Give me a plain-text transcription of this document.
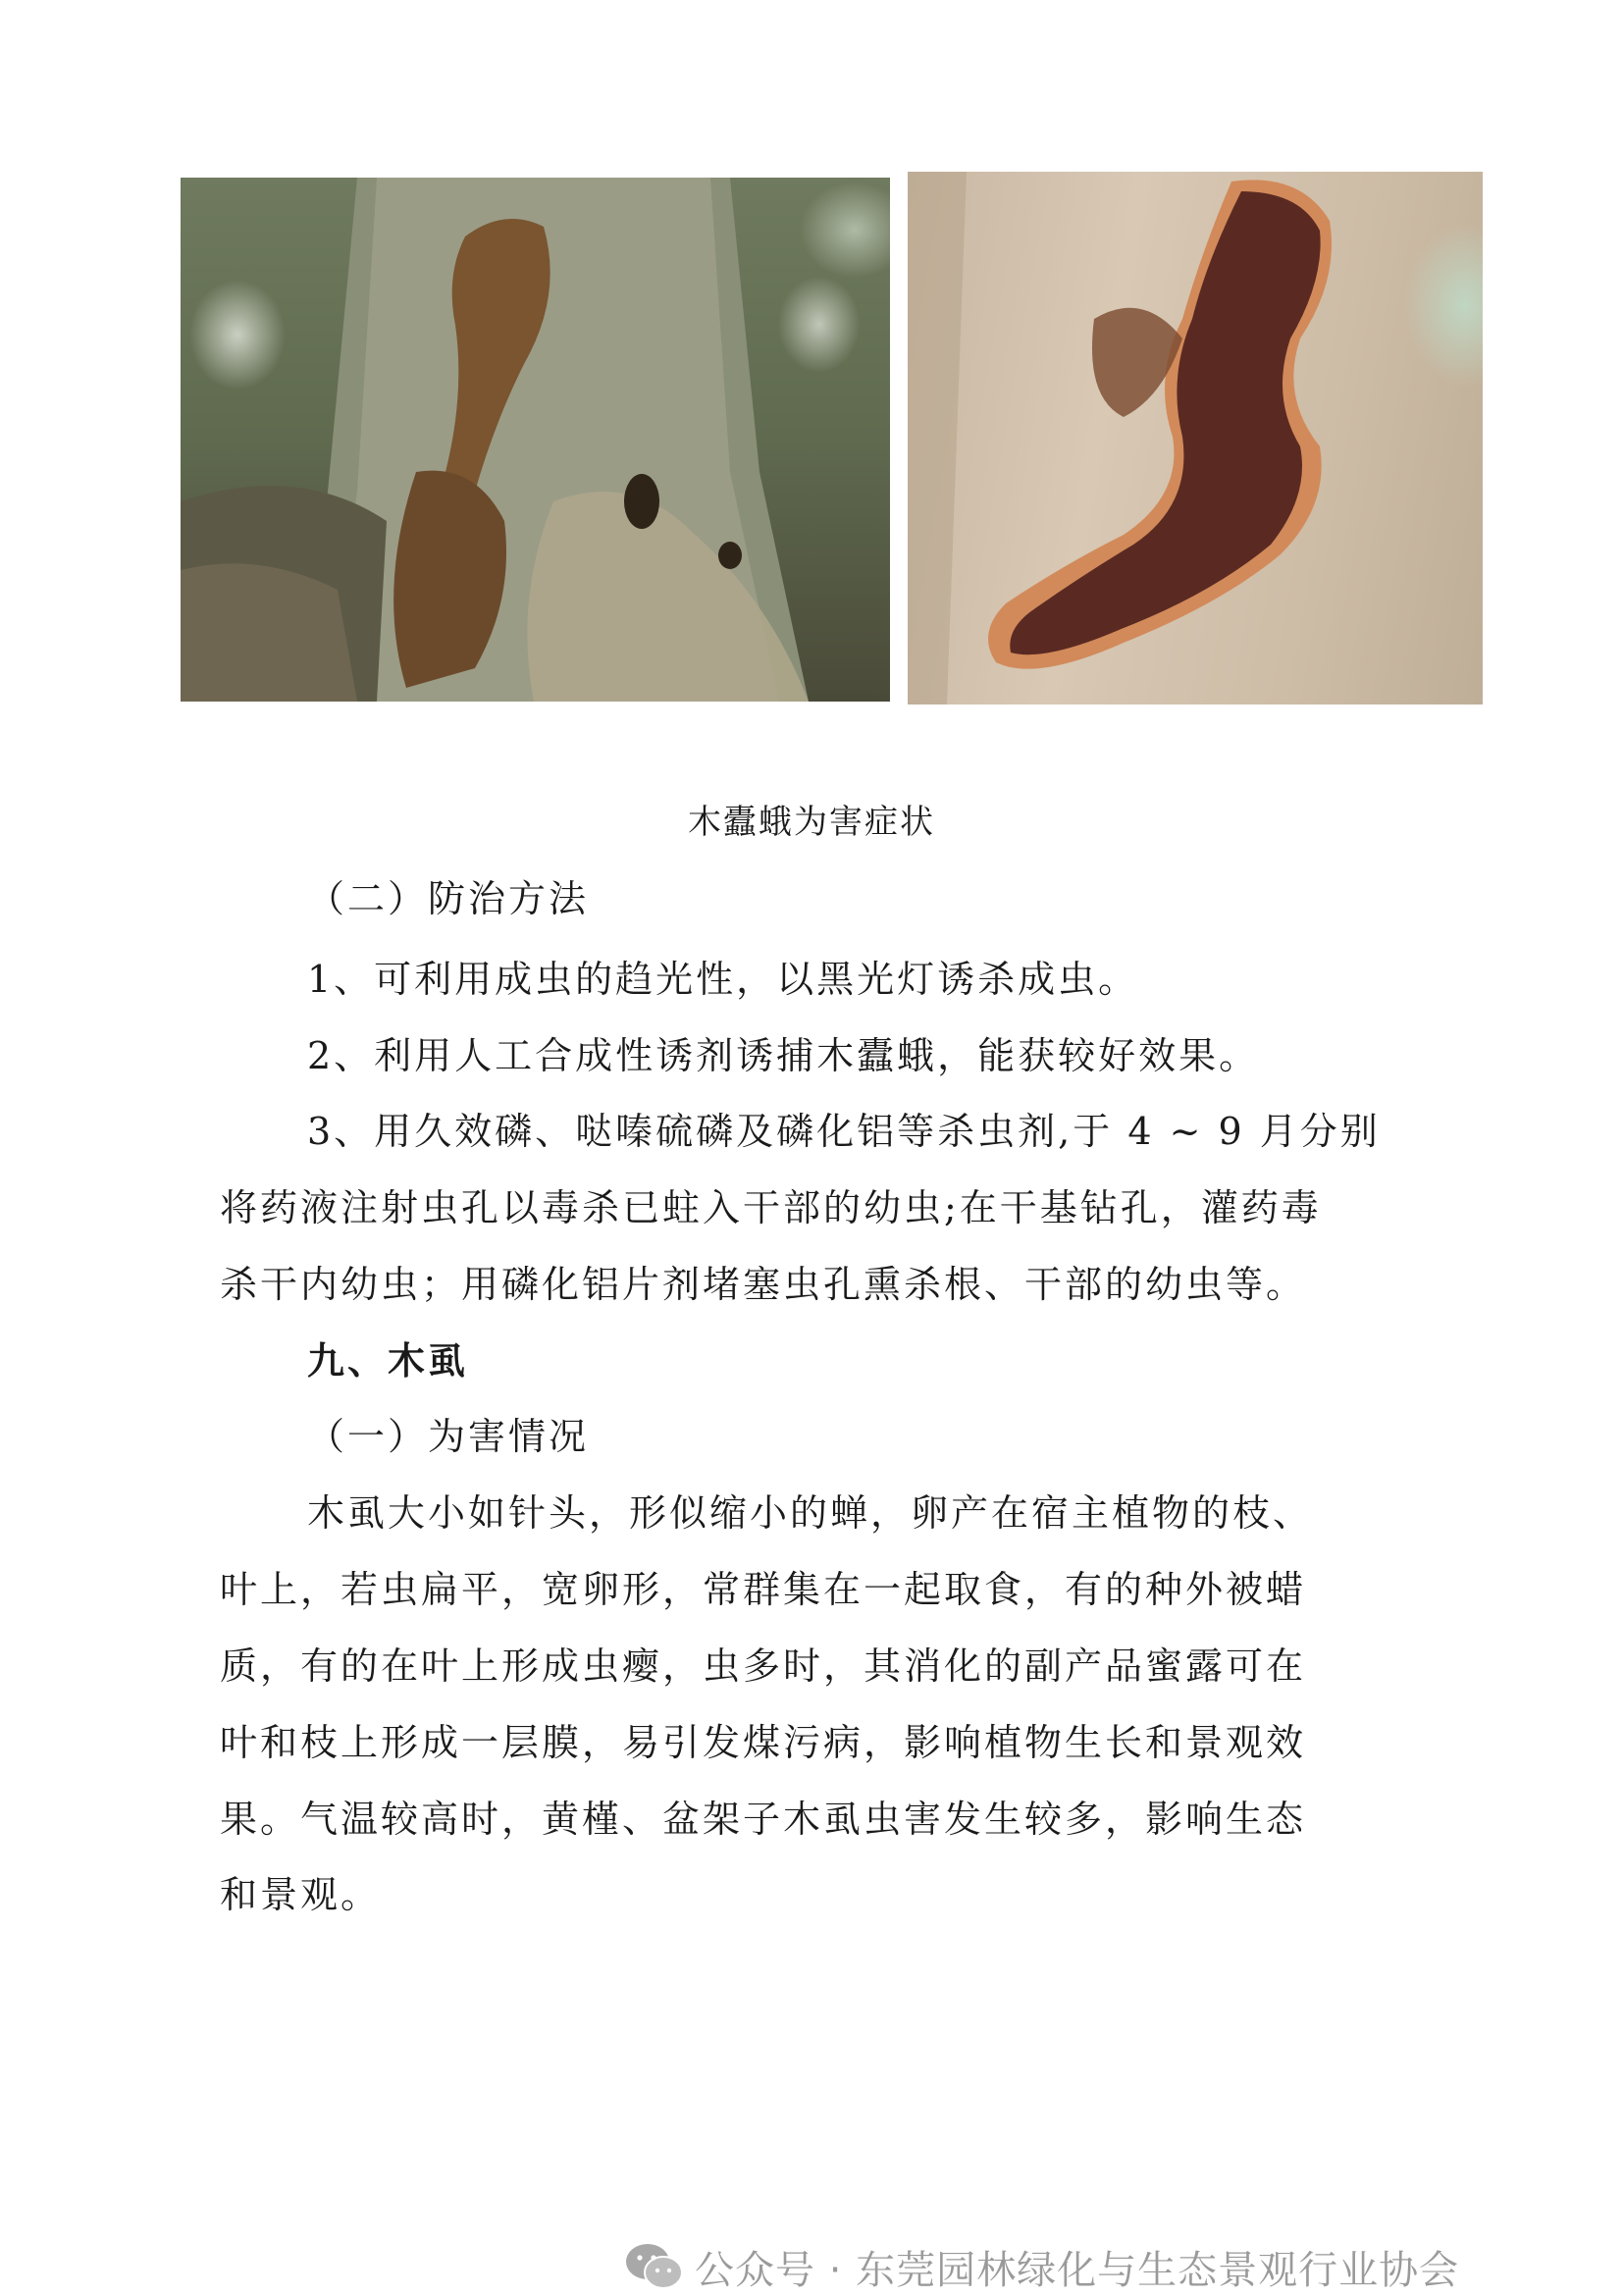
木蠹蛾为害症状
（二）防治方法
1、可利用成虫的趋光性，以黑光灯诱杀成虫。
2、利用人工合成性诱剂诱捕木蠹蛾，能获较好效果。
3、用久效磷、哒嗪硫磷及磷化铝等杀虫剂,于 4 ~ 9 月分别
将药液注射虫孔以毒杀已蛀入干部的幼虫;在干基钻孔，灌药毒
杀干内幼虫；用磷化铝片剂堵塞虫孔熏杀根、干部的幼虫等。
九、木虱
（一）为害情况
木虱大小如针头，形似缩小的蝉，卵产在宿主植物的枝、
叶上，若虫扁平，宽卵形，常群集在一起取食，有的种外被蜡
质，有的在叶上形成虫瘿，虫多时，其消化的副产品蜜露可在
叶和枝上形成一层膜，易引发煤污病，影响植物生长和景观效
果。气温较高时，黄槿、盆架子木虱虫害发生较多，影响生态
和景观。
公众号 · 东莞园林绿化与生态景观行业协会
